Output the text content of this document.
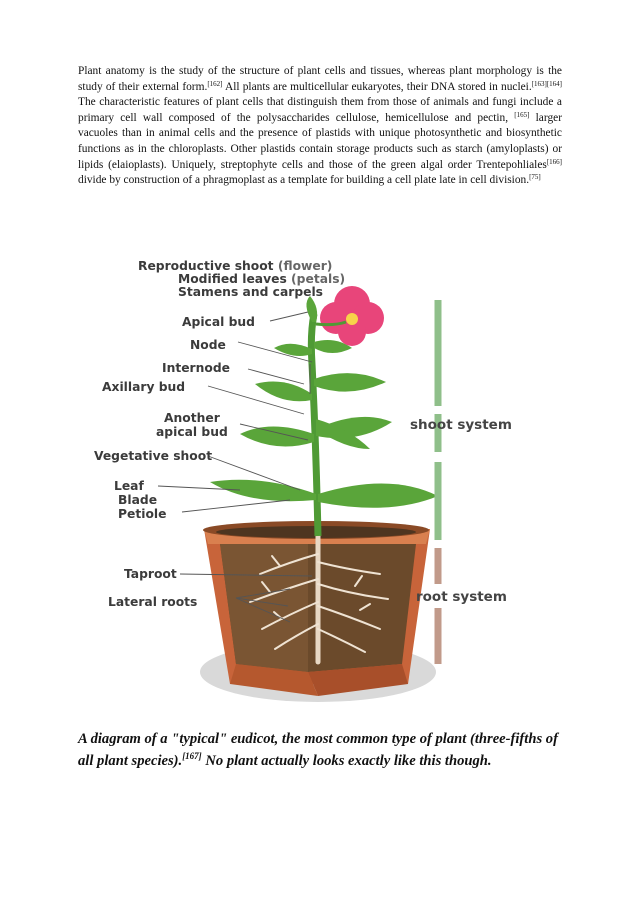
Plant anatomy is the study of the structure of plant cells and tissues, whereas plant morphology is the study of their external form.[162] All plants are multicellular eukaryotes, their DNA stored in nuclei.[163][164] The characteristic features of plant cells that distinguish them from those of animals and fungi include a primary cell wall composed of the polysaccharides cellulose, hemicellulose and pectin, [165] larger vacuoles than in animal cells and the presence of plastids with unique photosynthetic and biosynthetic functions as in the chloroplasts. Other plastids contain storage products such as starch (amyloplasts) or lipids (elaioplasts). Uniquely, streptophyte cells and those of the green algal order Trentepohliales[166] divide by construction of a phragmoplast as a template for building a cell plate late in cell division.[75]

Reproductive shoot (flower)
Modified leaves (petals)
Stamens and carpels
Apical bud
Node
Internode
Axillary bud
Another
apical bud
Vegetative shoot
Leaf
Blade
Petiole
Taproot
Lateral roots
shoot system
root system

A diagram of a "typical" eudicot, the most common type of plant (three-fifths of all plant species).[167] No plant actually looks exactly like this though.
